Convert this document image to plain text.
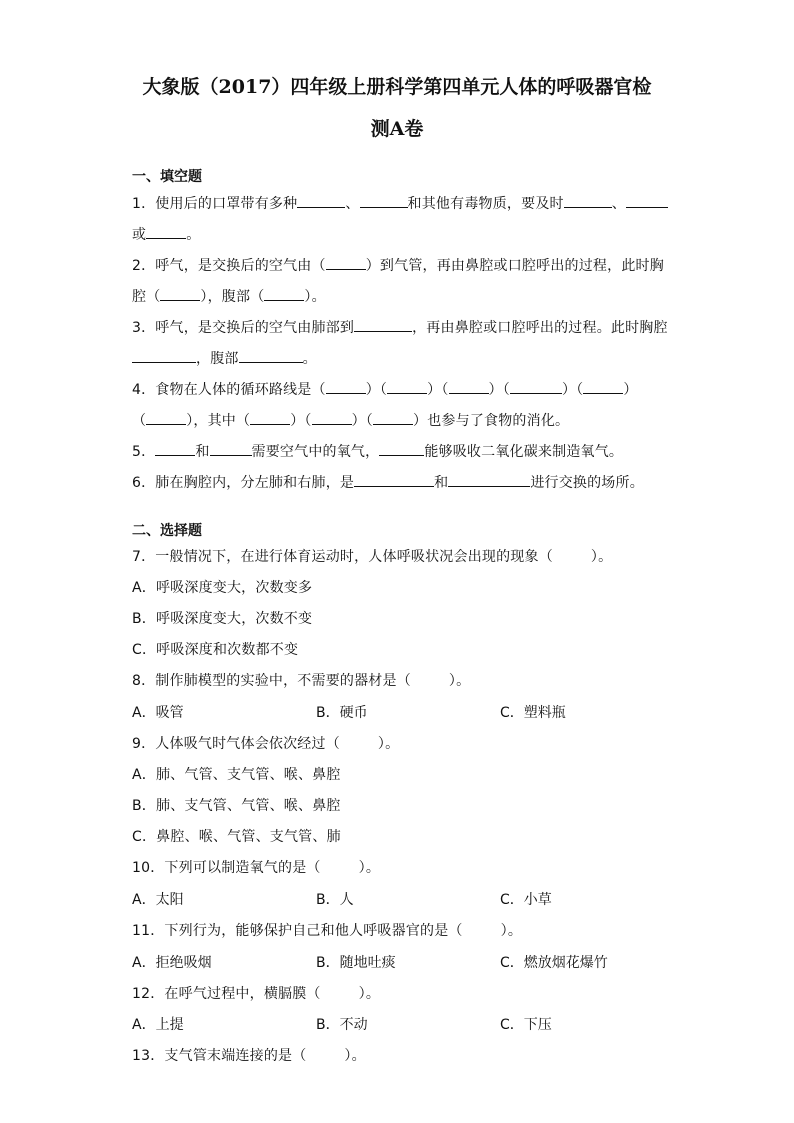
大象版（2017）四年级上册科学第四单元人体的呼吸器官检
测A卷
一、填空题
1．使用后的口罩带有多种	、	和其他有毒物质，要及时	、
或	。
2．呼气，是交换后的空气由（	）到气管，再由鼻腔或口腔呼出的过程，此时胸
腔（	），腹部（	）。
3．呼气，是交换后的空气由肺部到	，再由鼻腔或口腔呼出的过程。此时胸腔
，腹部	。
4．食物在人体的循环路线是（	）（	）（	）（	）（	）
（	），其中（	）（	）（	）也参与了食物的消化。
5．	和	需要空气中的氧气，	能够吸收二氧化碳来制造氧气。
6．肺在胸腔内，分左肺和右肺，是	和	进行交换的场所。
二、选择题
7．一般情况下，在进行体育运动时，人体呼吸状况会出现的现象（	）。
A．呼吸深度变大，次数变多
B．呼吸深度变大，次数不变
C．呼吸深度和次数都不变
8．制作肺模型的实验中，不需要的器材是（	）。
A．吸管	B．硬币	C．塑料瓶
9．人体吸气时气体会依次经过（	）。
A．肺、气管、支气管、喉、鼻腔
B．肺、支气管、气管、喉、鼻腔
C．鼻腔、喉、气管、支气管、肺
10．下列可以制造氧气的是（	）。
A．太阳	B．人	C．小草
11．下列行为，能够保护自己和他人呼吸器官的是（	）。
A．拒绝吸烟	B．随地吐痰	C．燃放烟花爆竹
12．在呼气过程中，横膈膜（	）。
A．上提	B．不动	C．下压
13．支气管末端连接的是（	）。
